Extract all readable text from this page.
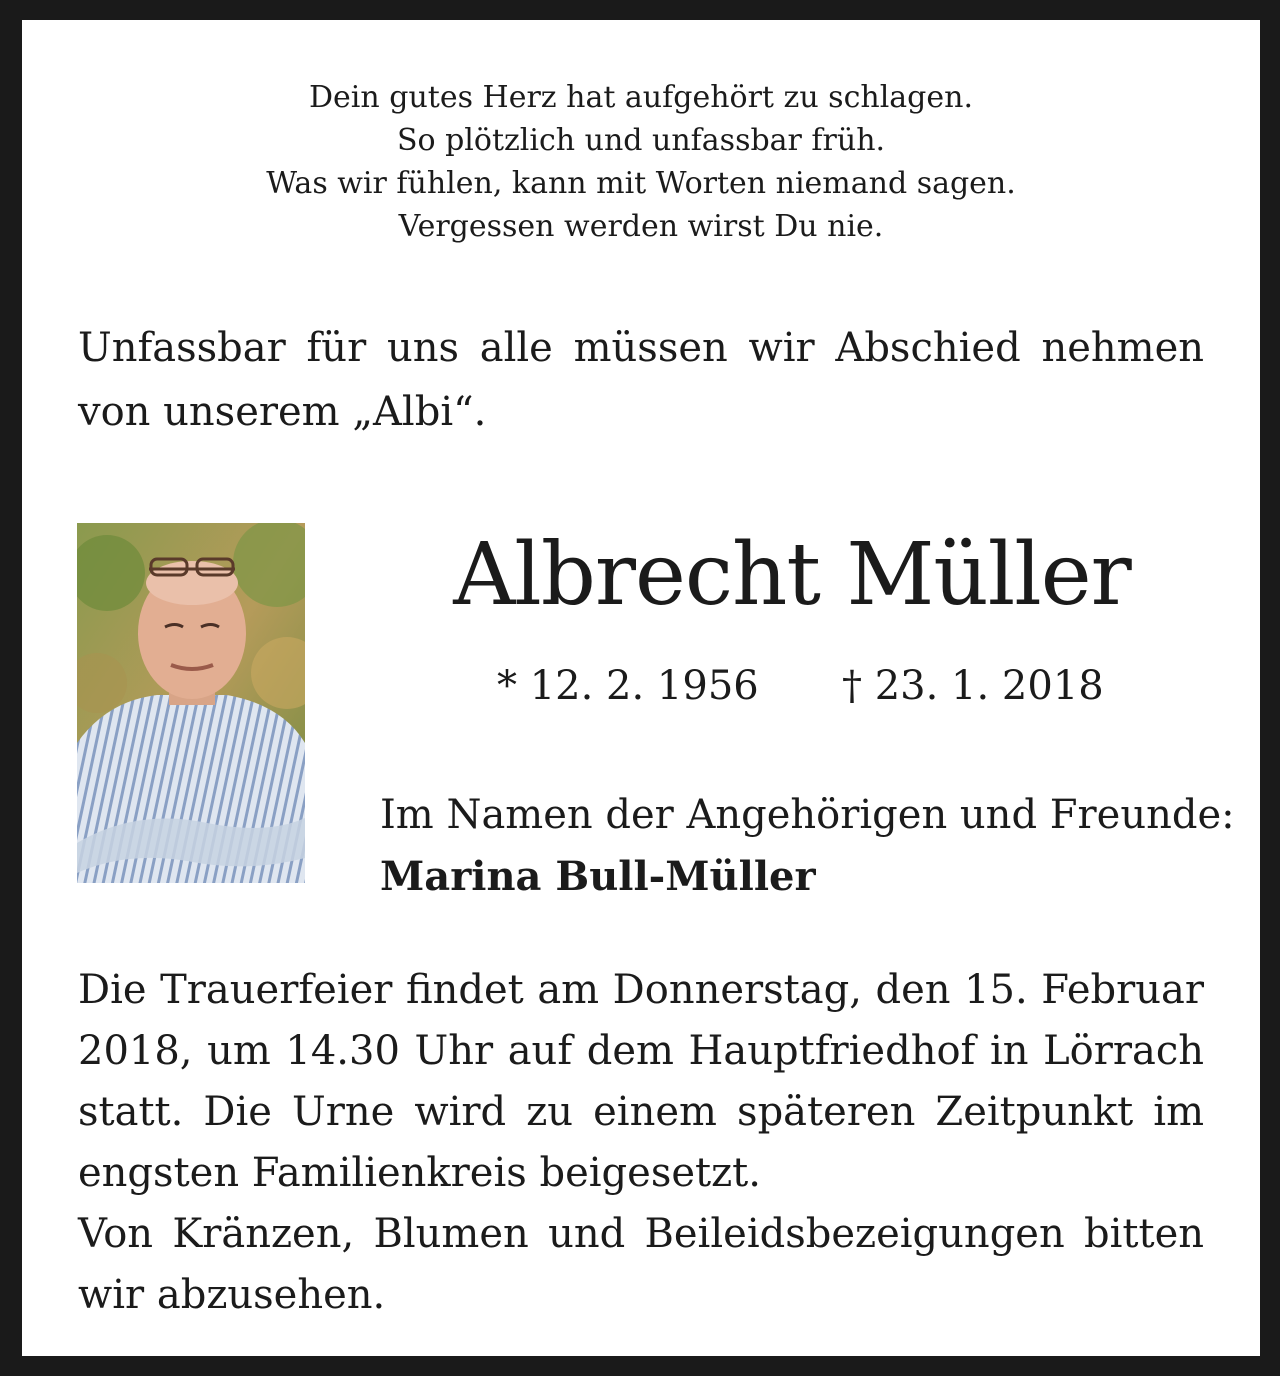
Dein gutes Herz hat aufgehört zu schlagen.
So plötzlich und unfassbar früh.
Was wir fühlen, kann mit Worten niemand sagen.
Vergessen werden wirst Du nie.
Unfassbar für uns alle müssen wir Abschied nehmen von unserem „Albi“.
Albrecht Müller
* 12. 2. 1956 † 23. 1. 2018
Im Namen der Angehörigen und Freunde:
Marina Bull-Müller

Die Trauerfeier findet am Donnerstag, den 15. Februar 2018, um 14.30 Uhr auf dem Hauptfriedhof in Lörrach statt. Die Urne wird zu einem späteren Zeitpunkt im engsten Familienkreis beigesetzt.

Von Kränzen, Blumen und Beileidsbezeigungen bitten wir abzusehen.
